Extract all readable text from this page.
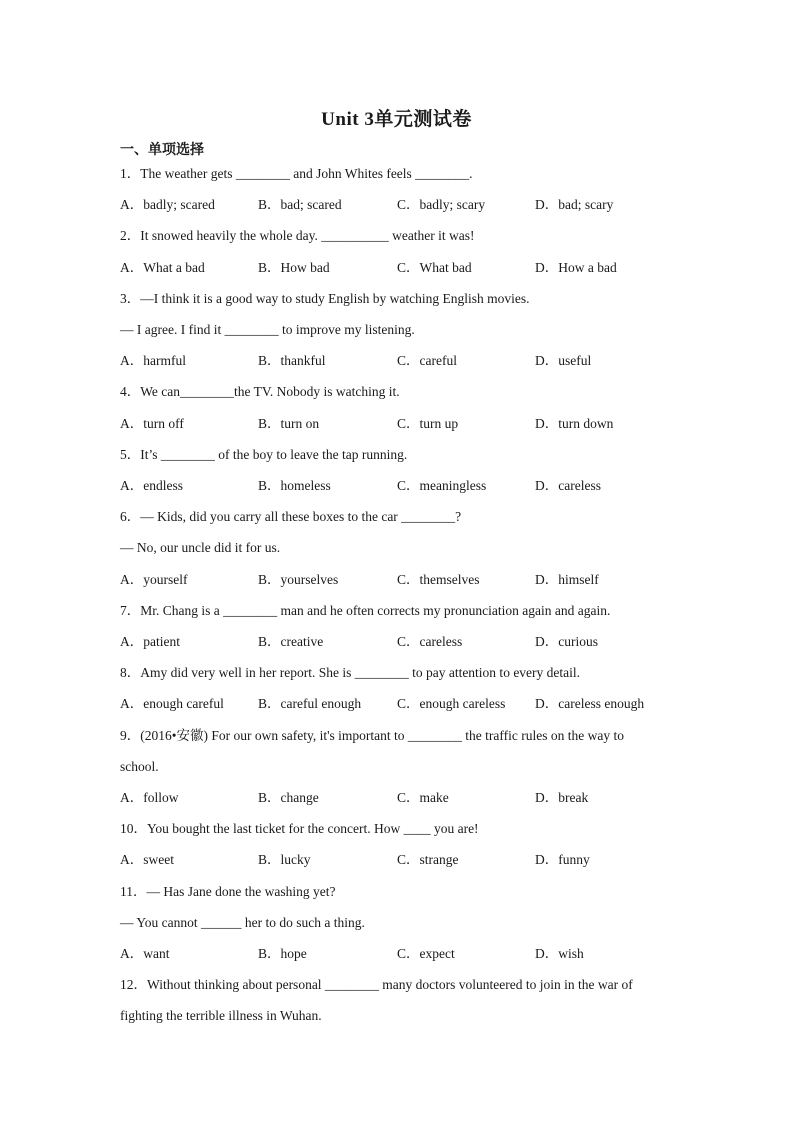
Unit 3单元测试卷
一、单项选择
1．The weather gets ________ and John Whites feels ________.
A．badly; scared	B．bad; scared	C．badly; scary	D．bad; scary
2．It snowed heavily the whole day. __________ weather it was!
A．What a bad	B．How bad	C．What bad	D．How a bad
3．—I think it is a good way to study English by watching English movies.
— I agree. I find it ________ to improve my listening.
A．harmful	B．thankful	C．careful	D．useful
4．We can________the TV. Nobody is watching it.
A．turn off	B．turn on	C．turn up	D．turn down
5．It’s ________ of the boy to leave the tap running.
A．endless	B．homeless	C．meaningless	D．careless
6．— Kids, did you carry all these boxes to the car ________?
— No, our uncle did it for us.
A．yourself	B．yourselves	C．themselves	D．himself
7．Mr. Chang is a ________ man and he often corrects my pronunciation again and again.
A．patient	B．creative	C．careless	D．curious
8．Amy did very well in her report. She is ________ to pay attention to every detail.
A．enough careful	B．careful enough	C．enough careless D．careless enough
9．(2016•安徽) For our own safety, it's important to ________ the traffic rules on the way to
school.
A．follow	B．change	C．make	D．break
10．You bought the last ticket for the concert. How ____ you are!
A．sweet	B．lucky	C．strange	D．funny
11．— Has Jane done the washing yet?
— You cannot ______ her to do such a thing.
A．want	B．hope	C．expect	D．wish
12．Without thinking about personal ________ many doctors volunteered to join in the war of
fighting the terrible illness in Wuhan.
